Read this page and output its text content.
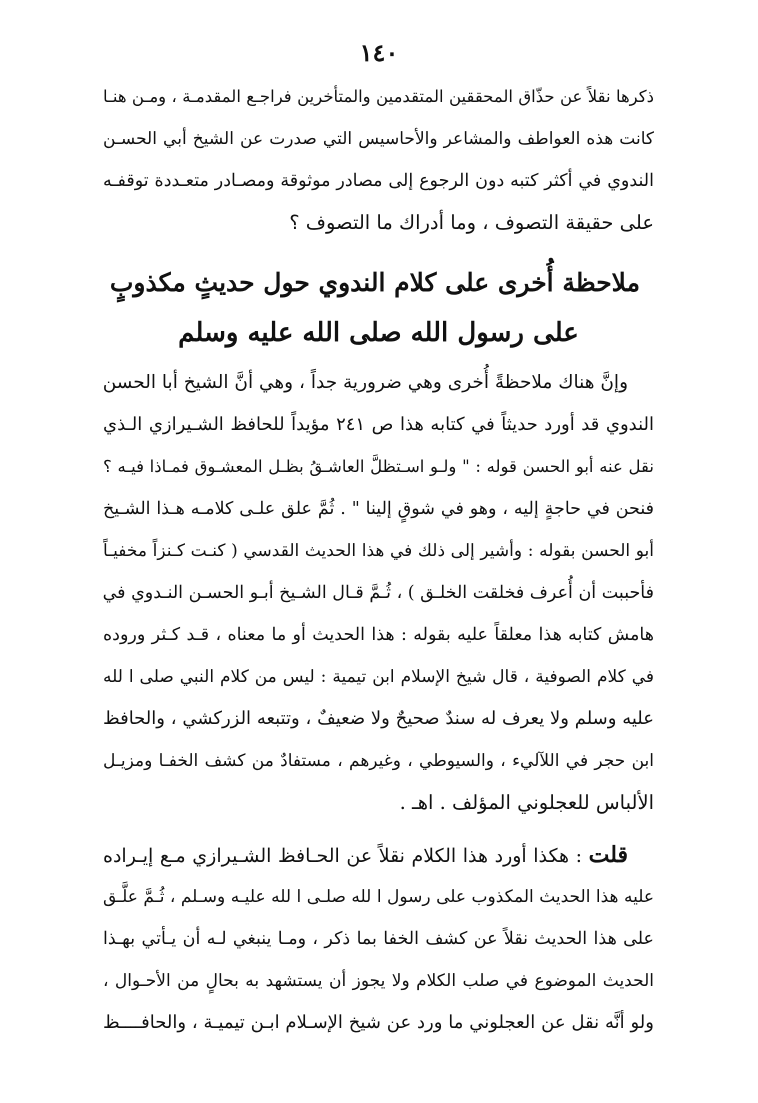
١٤٠
ذكرها نقلاً عن حذّاق المحققين المتقدمين والمتأخرين فراجـع المقدمـة ، ومـن هنـا
كانت هذه العواطف والمشاعر والأحاسيس التي صدرت عن الشيخ أبي الحسـن
الندوي في أكثر كتبه دون الرجوع إلى مصادر موثوقة ومصـادر متعـددة توقفـه
على حقيقة التصوف ، وما أدراك ما التصوف ؟
ملاحظة أُخرى على كلام الندوي حول حديثٍ مكذوبٍ
على رسول الله صلى الله عليه وسلم
وإنَّ هناك ملاحظةً أُخرى وهي ضرورية جداً ، وهي أنَّ الشيخ أبا الحسن
الندوي قد أورد حديثاً في كتابه هذا ص ٢٤١ مؤيداً للحافظ الشـيرازي الـذي
نقل عنه أبو الحسن قوله : " ولـو اسـتظلَّ العاشـقُ بظـل المعشـوق فمـاذا فيـه ؟
فنحن في حاجةٍ إليه ، وهو في شوقٍ إلينا " . ثُمَّ علق علـى كلامـه هـذا الشـيخ
أبو الحسن بقوله : وأشير إلى ذلك في هذا الحديث القدسي ( كنـت كـنزاً مخفيـاً
فأحببت أن أُعرف فخلقت الخلـق ) ، ثُـمَّ قـال الشـيخ أبـو الحسـن النـدوي في
هامش كتابه هذا معلقاً عليه بقوله : هذا الحديث أو ما معناه ، قـد كـثر وروده
في كلام الصوفية ، قال شيخ الإسلام ابن تيمية : ليس من كلام النبي صلى ا لله
عليه وسلم ولا يعرف له سندٌ صحيحٌ ولا ضعيفٌ ، وتتبعه الزركشي ، والحافظ
ابن حجر في اللآليء ، والسيوطي ، وغيرهم ، مستفادٌ من كشف الخفـا ومزيـل
الألباس للعجلوني المؤلف . اهـ .
قلت : هكذا أورد هذا الكلام نقلاً عن الحـافظ الشـيرازي مـع إيـراده
عليه هذا الحديث المكذوب على رسول ا لله صلـى ا لله عليـه وسـلم ، ثُـمَّ علَّـق
على هذا الحديث نقلاً عن كشف الخفا بما ذكر ، ومـا ينبغي لـه أن يـأتي بهـذا
الحديث الموضوع في صلب الكلام ولا يجوز أن يستشهد به بحالٍ من الأحـوال ،
ولو أنَّه نقل عن العجلوني ما ورد عن شيخ الإسـلام ابـن تيميـة ، والحافــــظ
